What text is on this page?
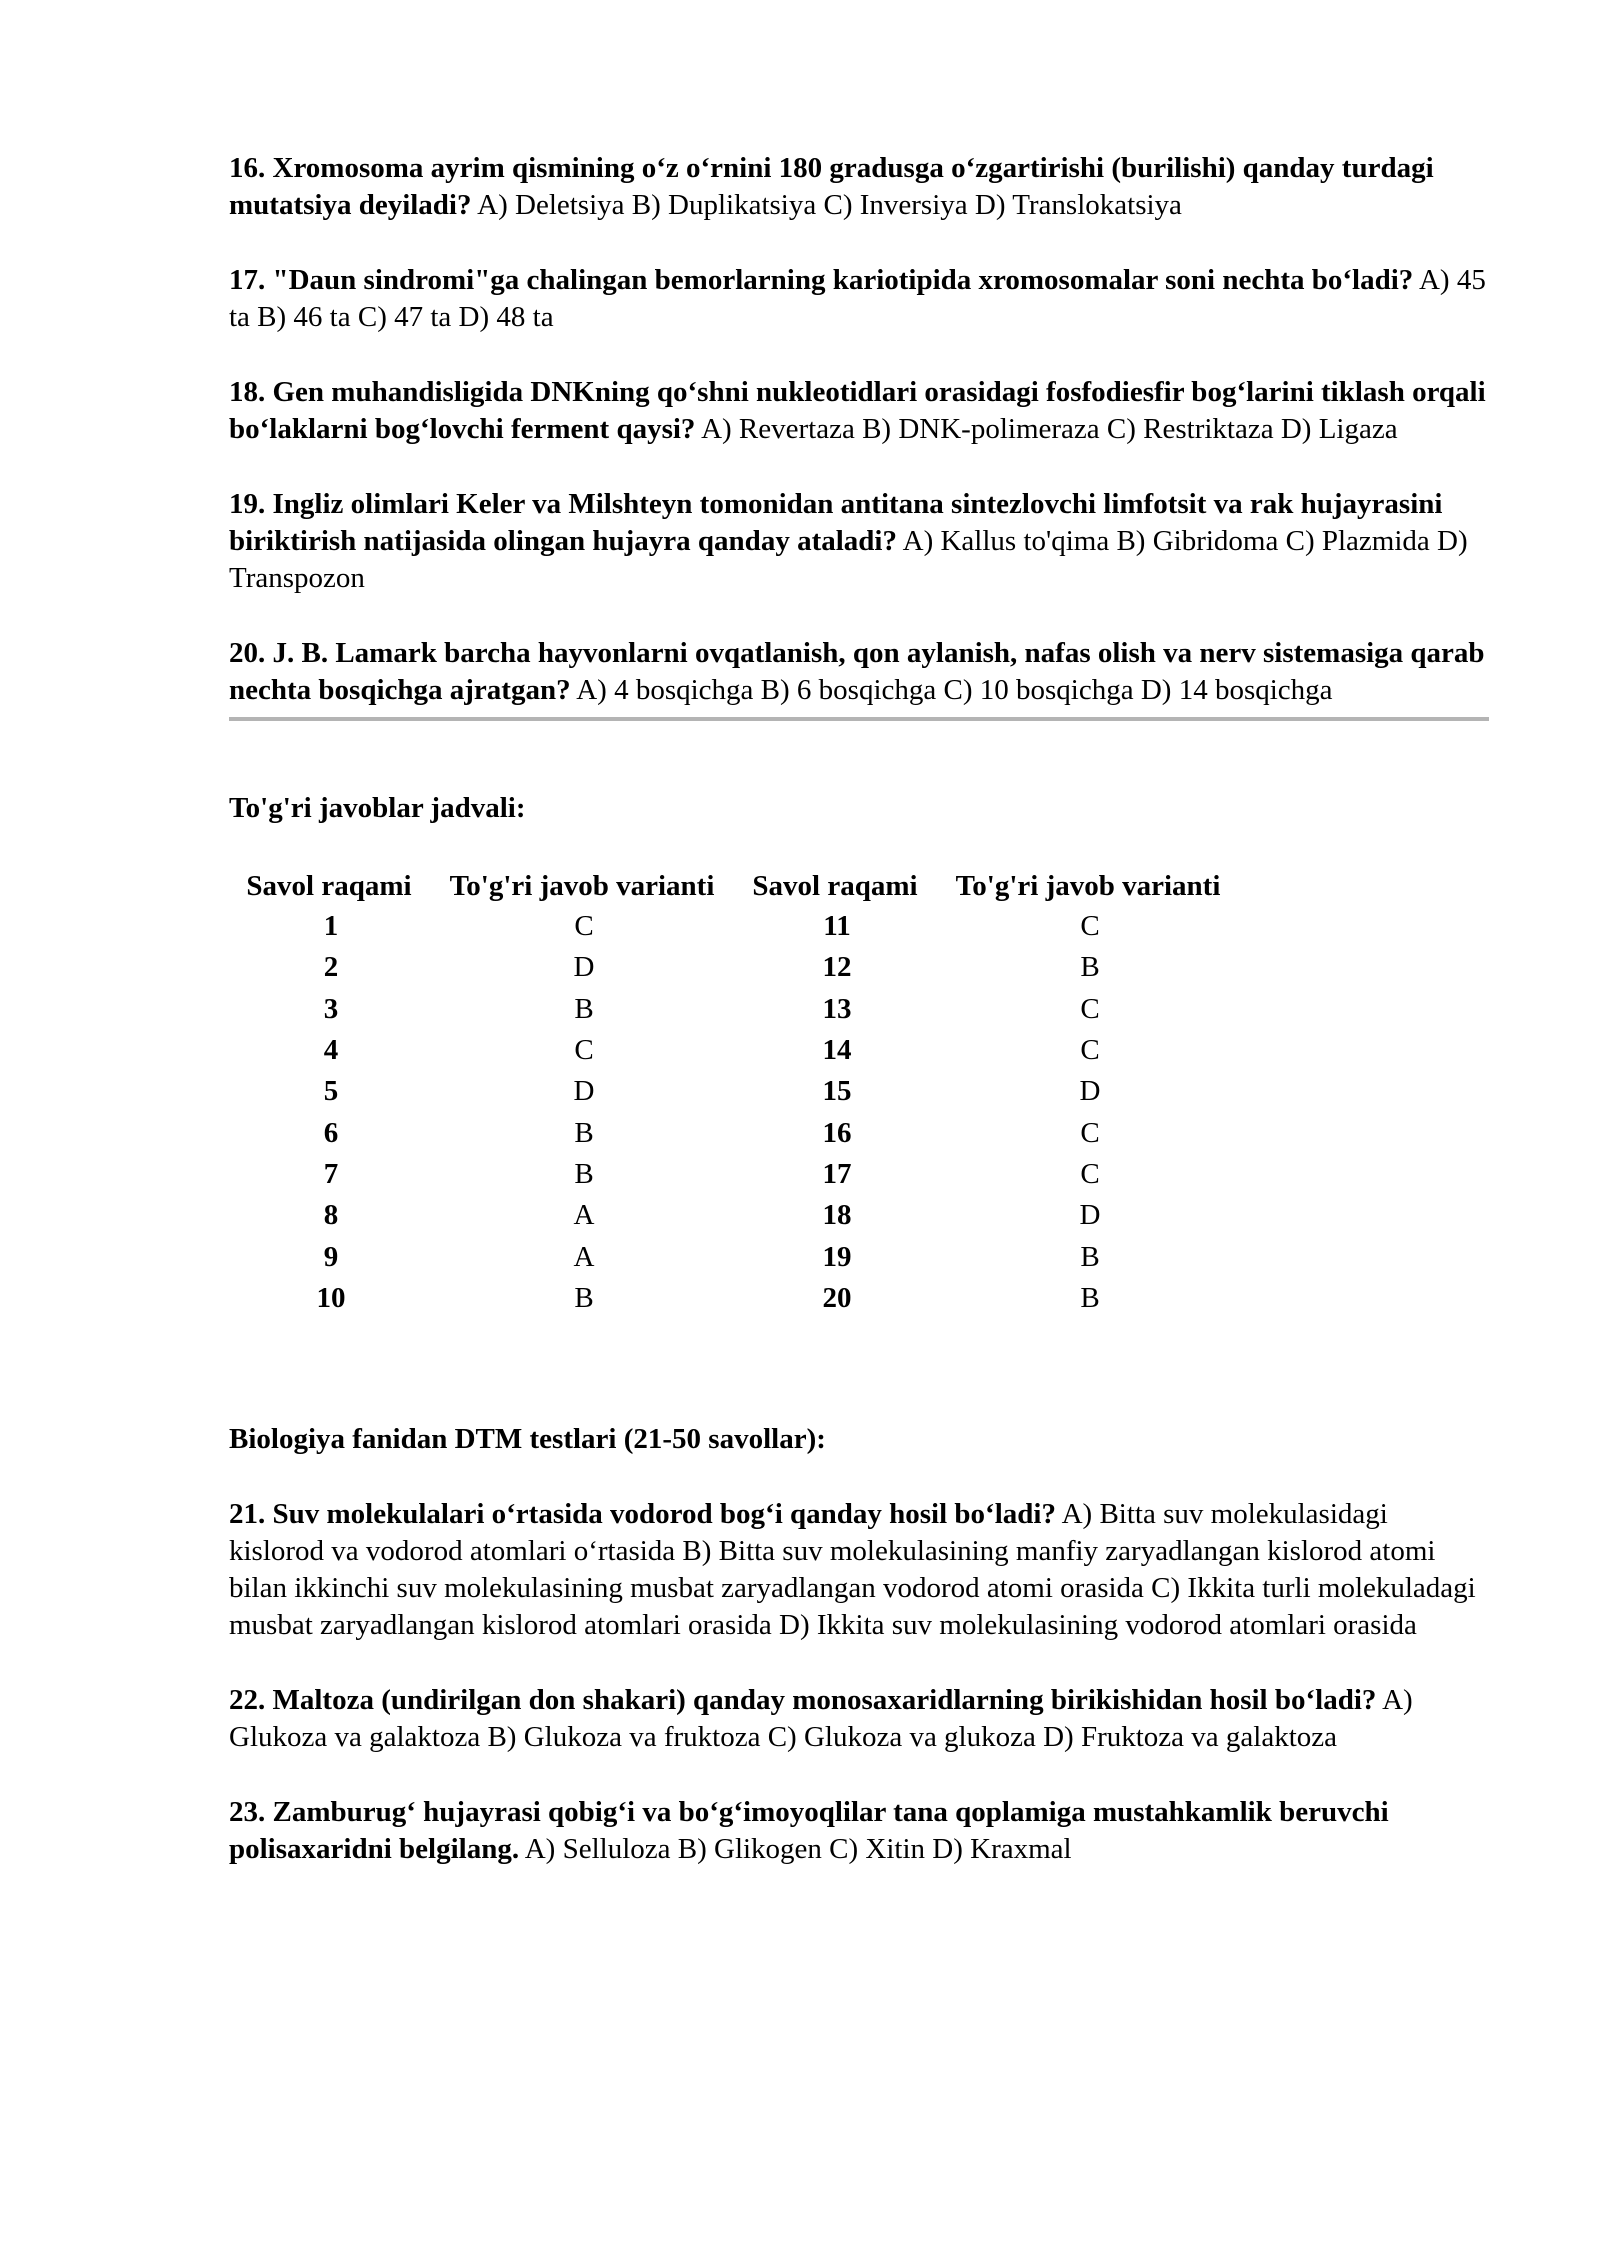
16. Xromosoma ayrim qismining oʻz oʻrnini 180 gradusga oʻzgartirishi (burilishi) qanday turdagi mutatsiya deyiladi? A) Deletsiya B) Duplikatsiya C) Inversiya D) Translokatsiya
17. "Daun sindromi"ga chalingan bemorlarning kariotipida xromosomalar soni nechta boʻladi? A) 45 ta B) 46 ta C) 47 ta D) 48 ta
18. Gen muhandisligida DNKning qoʻshni nukleotidlari orasidagi fosfodiesfir bogʻlarini tiklash orqali boʻlaklarni bogʻlovchi ferment qaysi? A) Revertaza B) DNK-polimeraza C) Restriktaza D) Ligaza
19. Ingliz olimlari Keler va Milshteyn tomonidan antitana sintezlovchi limfotsit va rak hujayrasini biriktirish natijasida olingan hujayra qanday ataladi? A) Kallus to'qima B) Gibridoma C) Plazmida D) Transpozon
20. J. B. Lamark barcha hayvonlarni ovqatlanish, qon aylanish, nafas olish va nerv sistemasiga qarab nechta bosqichga ajratgan? A) 4 bosqichga B) 6 bosqichga C) 10 bosqichga D) 14 bosqichga
To'g'ri javoblar jadvali:
Savol raqami	To'g'ri javob varianti	Savol raqami	To'g'ri javob varianti
1	C	11	C
2	D	12	B
3	B	13	C
4	C	14	C
5	D	15	D
6	B	16	C
7	B	17	C
8	A	18	D
9	A	19	B
10	B	20	B
Biologiya fanidan DTM testlari (21-50 savollar):
21. Suv molekulalari oʻrtasida vodorod bogʻi qanday hosil boʻladi? A) Bitta suv molekulasidagi kislorod va vodorod atomlari oʻrtasida B) Bitta suv molekulasining manfiy zaryadlangan kislorod atomi bilan ikkinchi suv molekulasining musbat zaryadlangan vodorod atomi orasida C) Ikkita turli molekuladagi musbat zaryadlangan kislorod atomlari orasida D) Ikkita suv molekulasining vodorod atomlari orasida
22. Maltoza (undirilgan don shakari) qanday monosaxaridlarning birikishidan hosil boʻladi? A) Glukoza va galaktoza B) Glukoza va fruktoza C) Glukoza va glukoza D) Fruktoza va galaktoza
23. Zamburugʻ hujayrasi qobigʻi va boʻgʻimoyoqlilar tana qoplamiga mustahkamlik beruvchi polisaxaridni belgilang. A) Selluloza B) Glikogen C) Xitin D) Kraxmal
